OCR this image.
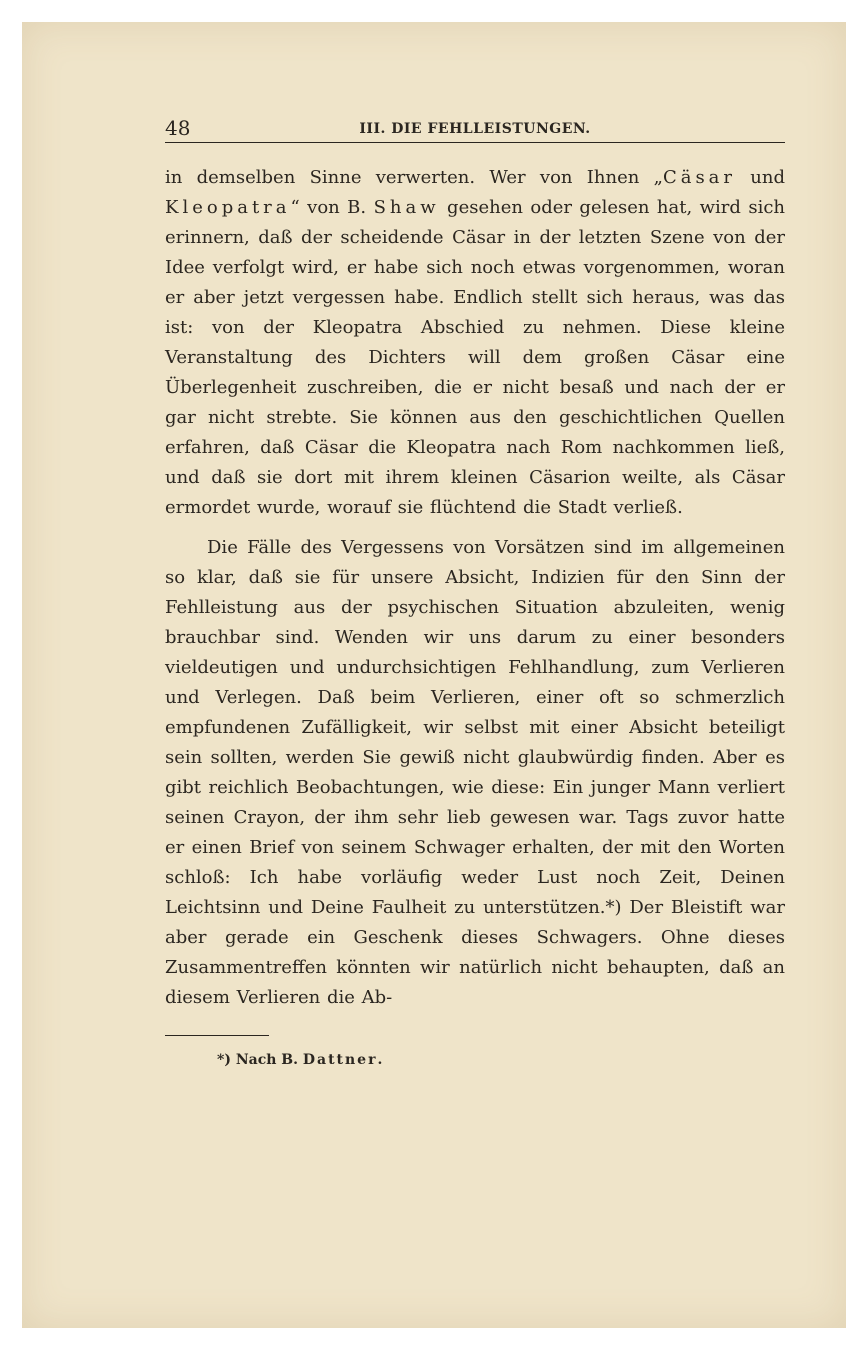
48	III. DIE FEHLLEISTUNGEN.

in demselben Sinne verwerten. Wer von Ihnen „Cäsar und Kleopatra“ von B. Shaw gesehen oder gelesen hat, wird sich erinnern, daß der scheidende Cäsar in der letzten Szene von der Idee verfolgt wird, er habe sich noch etwas vorgenommen, woran er aber jetzt vergessen habe. Endlich stellt sich heraus, was das ist: von der Kleopatra Abschied zu nehmen. Diese kleine Veranstaltung des Dichters will dem großen Cäsar eine Überlegenheit zuschreiben, die er nicht besaß und nach der er gar nicht strebte. Sie können aus den geschichtlichen Quellen erfahren, daß Cäsar die Kleopatra nach Rom nachkommen ließ, und daß sie dort mit ihrem kleinen Cäsarion weilte, als Cäsar ermordet wurde, worauf sie flüchtend die Stadt verließ.

Die Fälle des Vergessens von Vorsätzen sind im allgemeinen so klar, daß sie für unsere Absicht, Indizien für den Sinn der Fehlleistung aus der psychischen Situation abzuleiten, wenig brauchbar sind. Wenden wir uns darum zu einer besonders vieldeutigen und undurchsichtigen Fehlhandlung, zum Verlieren und Verlegen. Daß beim Verlieren, einer oft so schmerzlich empfundenen Zufälligkeit, wir selbst mit einer Absicht beteiligt sein sollten, werden Sie gewiß nicht glaubwürdig finden. Aber es gibt reichlich Beobachtungen, wie diese: Ein junger Mann verliert seinen Crayon, der ihm sehr lieb gewesen war. Tags zuvor hatte er einen Brief von seinem Schwager erhalten, der mit den Worten schloß: Ich habe vorläufig weder Lust noch Zeit, Deinen Leichtsinn und Deine Faulheit zu unterstützen.*) Der Bleistift war aber gerade ein Geschenk dieses Schwagers. Ohne dieses Zusammentreffen könnten wir natürlich nicht behaupten, daß an diesem Verlieren die Ab-

*) Nach B. Dattner.
